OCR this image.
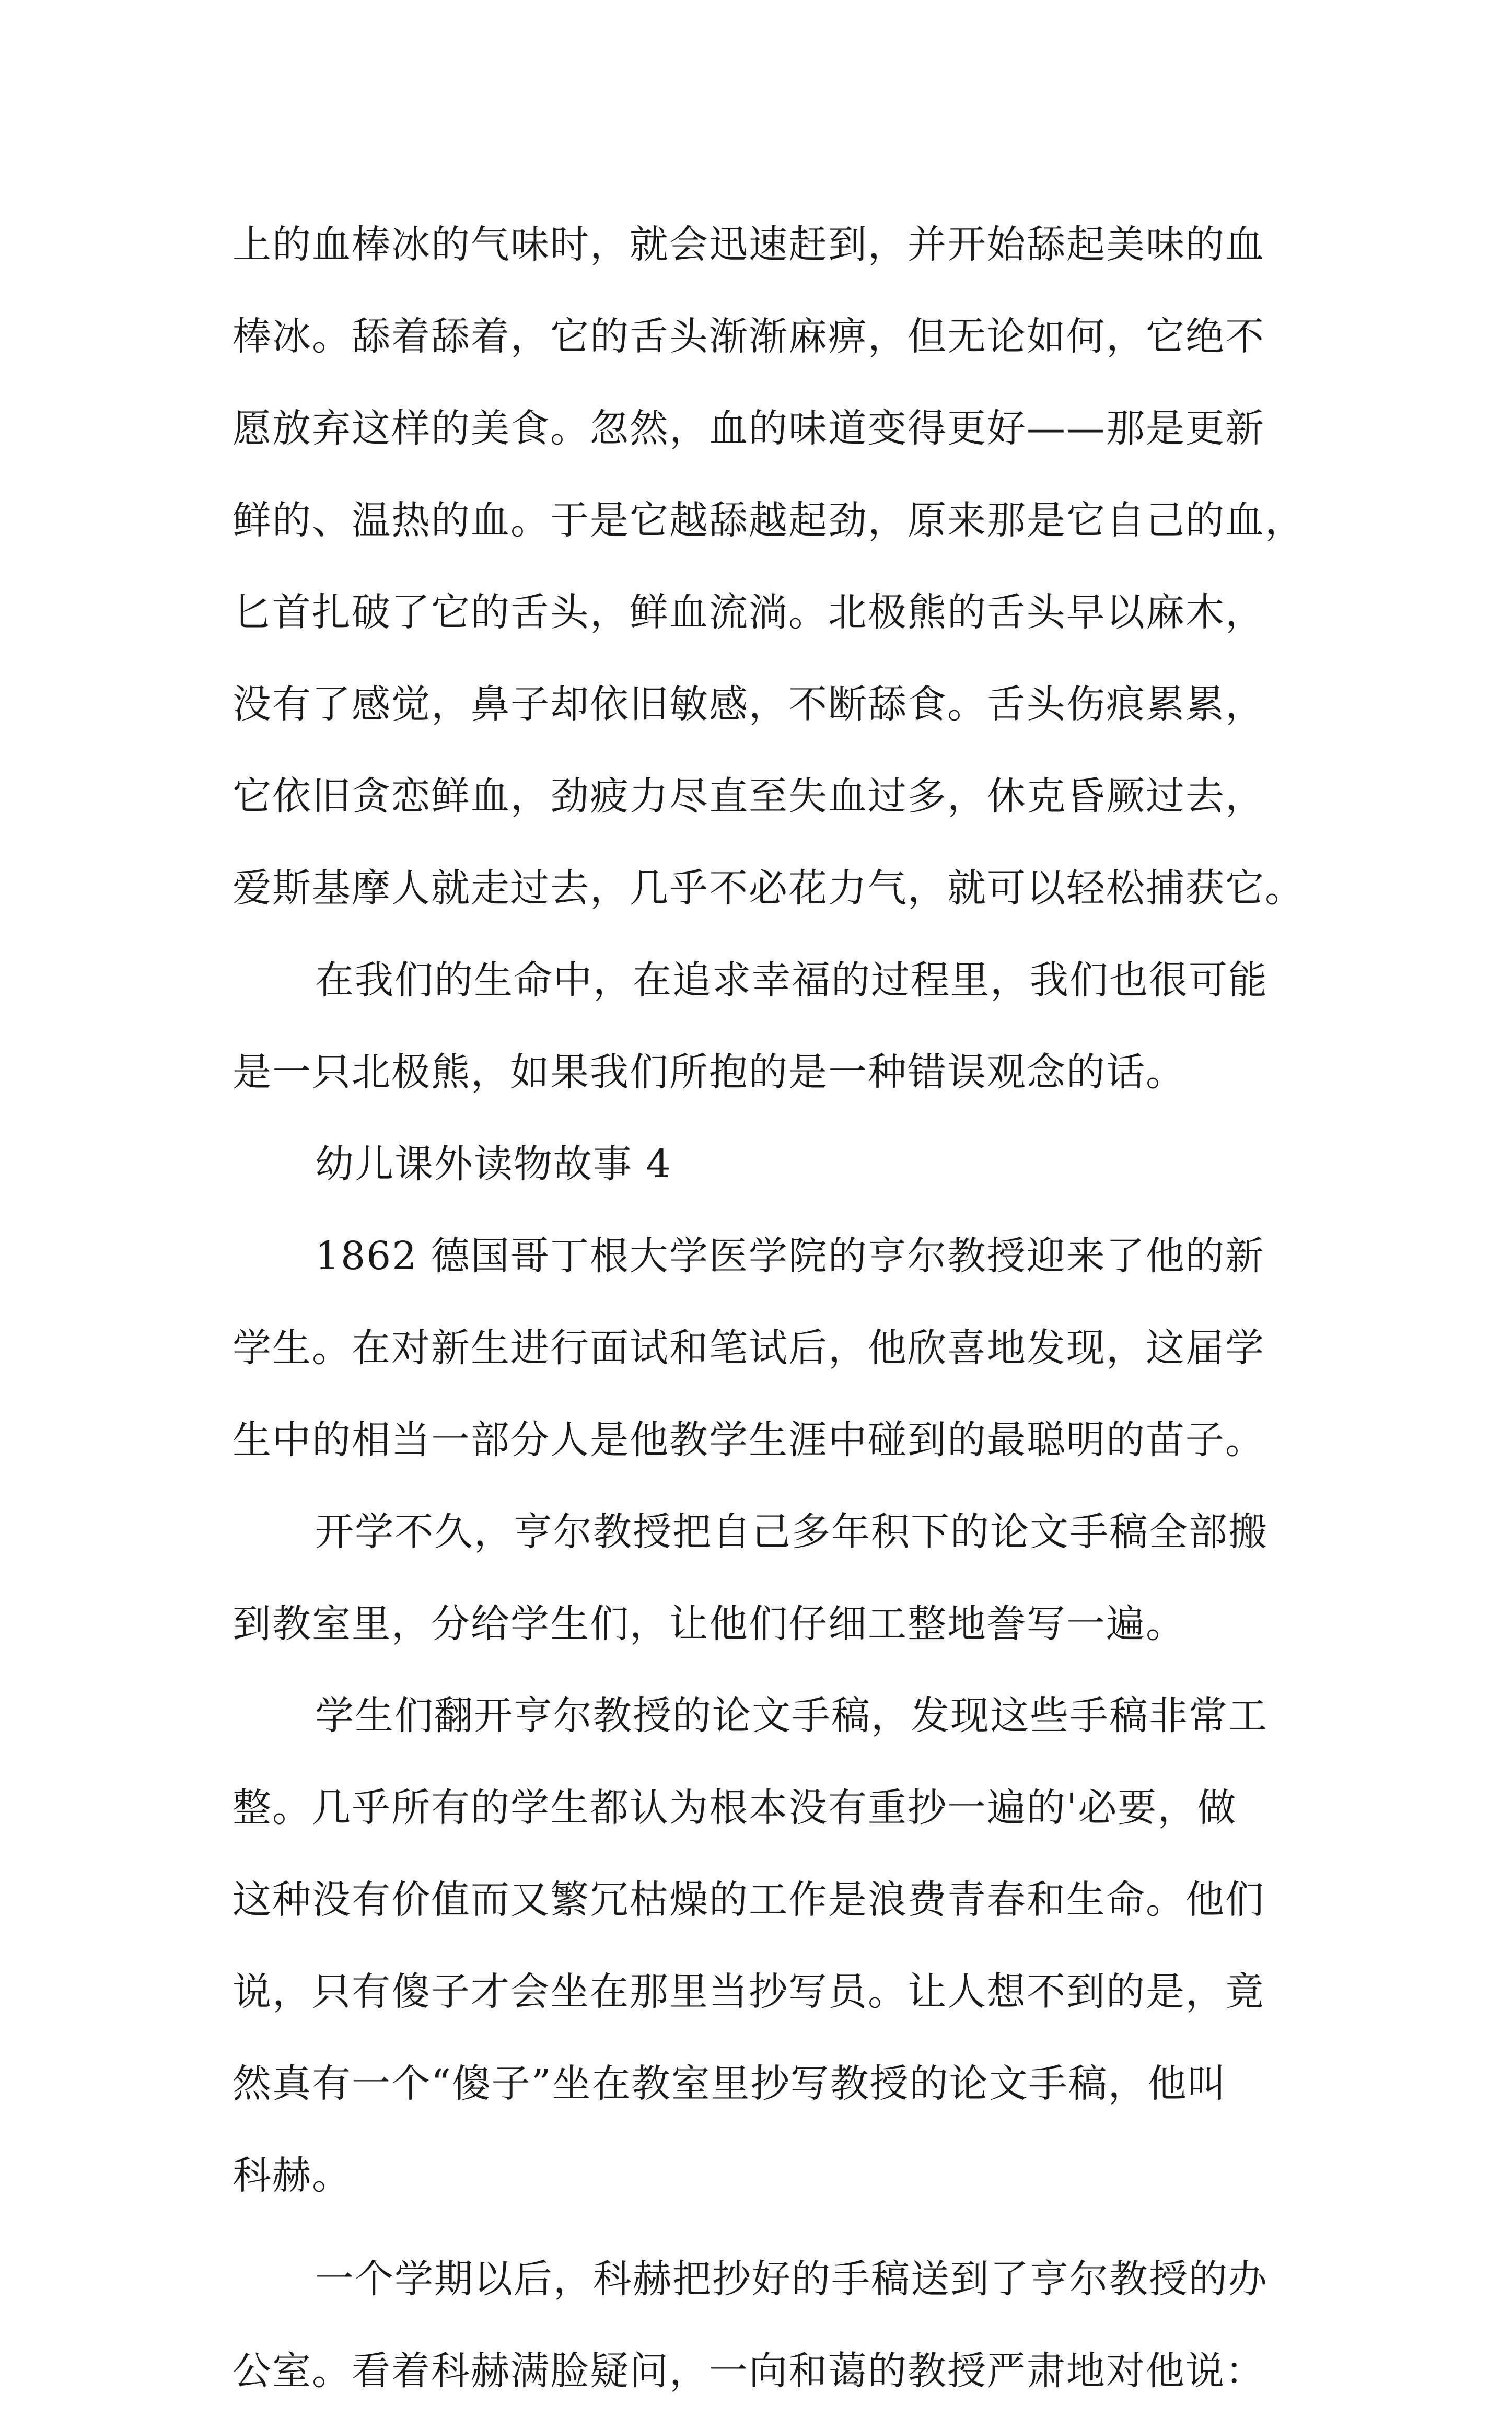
上的血棒冰的气味时，就会迅速赶到，并开始舔起美味的血
棒冰。舔着舔着，它的舌头渐渐麻痹，但无论如何，它绝不
愿放弃这样的美食。忽然，血的味道变得更好——那是更新
鲜的、温热的血。于是它越舔越起劲，原来那是它自己的血，
匕首扎破了它的舌头，鲜血流淌。北极熊的舌头早以麻木，
没有了感觉，鼻子却依旧敏感，不断舔食。舌头伤痕累累，
它依旧贪恋鲜血，劲疲力尽直至失血过多，休克昏厥过去，
爱斯基摩人就走过去，几乎不必花力气，就可以轻松捕获它。
在我们的生命中，在追求幸福的过程里，我们也很可能
是一只北极熊，如果我们所抱的是一种错误观念的话。
幼儿课外读物故事 4
1862 德国哥丁根大学医学院的亨尔教授迎来了他的新
学生。在对新生进行面试和笔试后，他欣喜地发现，这届学
生中的相当一部分人是他教学生涯中碰到的最聪明的苗子。
开学不久，亨尔教授把自己多年积下的论文手稿全部搬
到教室里，分给学生们，让他们仔细工整地誊写一遍。
学生们翻开亨尔教授的论文手稿，发现这些手稿非常工
整。几乎所有的学生都认为根本没有重抄一遍的'必要，做
这种没有价值而又繁冗枯燥的工作是浪费青春和生命。他们
说，只有傻子才会坐在那里当抄写员。让人想不到的是，竟
然真有一个“傻子”坐在教室里抄写教授的论文手稿，他叫
科赫。
一个学期以后，科赫把抄好的手稿送到了亨尔教授的办
公室。看着科赫满脸疑问，一向和蔼的教授严肃地对他说：
